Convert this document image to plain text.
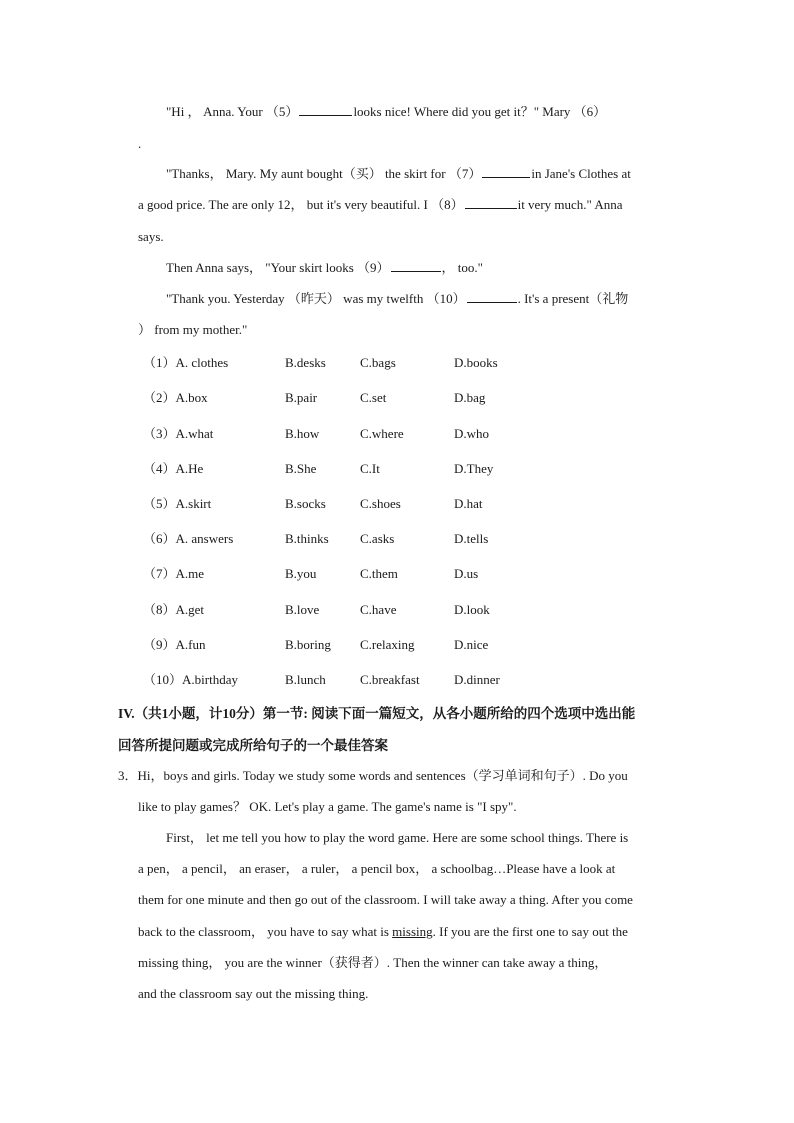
"Hi ， Anna. Your （5）	looks nice! Where did you get it？" Mary （6）
.
"Thanks， Mary. My aunt bought（买） the skirt for （7）	in Jane's Clothes at
a good price. The are only 12， but it's very beautiful. I （8）	it very much." Anna
says.
Then Anna says， "Your skirt looks （9）	， too."
"Thank you. Yesterday （昨天） was my twelfth （10）	. It's a present（礼物
） from my mother."
（1）A. clothes	B.desks	C.bags	D.books
（2）A.box	B.pair	C.set	D.bag
（3）A.what	B.how	C.where	D.who
（4）A.He	B.She	C.It	D.They
（5）A.skirt	B.socks	C.shoes	D.hat
（6）A. answers	B.thinks C.asks	D.tells
（7）A.me	B.you	C.them	D.us
（8）A.get	B.love	C.have	D.look
（9）A.fun	B.boring C.relaxing	D.nice
（10）A.birthday	B.lunch	C.breakfast	D.dinner
IV.（共1小题，计10分）第一节: 阅读下面一篇短文，从各小题所给的四个选项中选出能
回答所提问题或完成所给句子的一个最佳答案
3．Hi，boys and girls. Today we study some words and sentences（学习单词和句子）. Do you
like to play games？ OK. Let's play a game. The game's name is "I spy".
First， let me tell you how to play the word game. Here are some school things. There is
a pen， a pencil， an eraser， a ruler， a pencil box， a schoolbag…Please have a look at
them for one minute and then go out of the classroom. I will take away a thing. After you come
back to the classroom， you have to say what is missing. If you are the first one to say out the
missing thing， you are the winner（获得者）. Then the winner can take away a thing，
and the classroom say out the missing thing.
